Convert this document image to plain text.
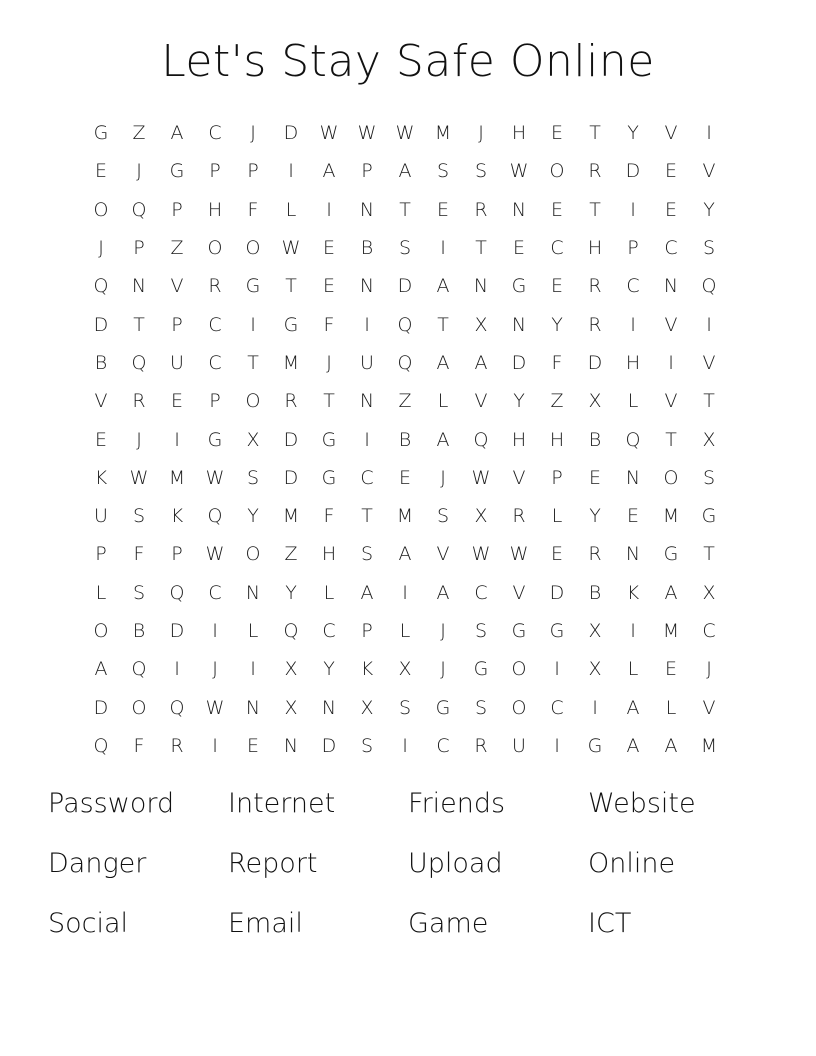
Let's Stay Safe Online
G	Z	A	C	J	D	W	W	W	M	J	H	E	T	Y	V	I
E	J	G	P	P	I	A	P	A	S	S	W	O	R	D	E	V
O	Q	P	H	F	L	I	N	T	E	R	N	E	T	I	E	Y
J	P	Z	O	O	W	E	B	S	I	T	E	C	H	P	C	S
Q	N	V	R	G	T	E	N	D	A	N	G	E	R	C	N	Q
D	T	P	C	I	G	F	I	Q	T	X	N	Y	R	I	V	I
B	Q	U	C	T	M	J	U	Q	A	A	D	F	D	H	I	V
V	R	E	P	O	R	T	N	Z	L	V	Y	Z	X	L	V	T
E	J	I	G	X	D	G	I	B	A	Q	H	H	B	Q	T	X
K	W	M	W	S	D	G	C	E	J	W	V	P	E	N	O	S
U	S	K	Q	Y	M	F	T	M	S	X	R	L	Y	E	M	G
P	F	P	W	O	Z	H	S	A	V	W	W	E	R	N	G	T
L	S	Q	C	N	Y	L	A	I	A	C	V	D	B	K	A	X
O	B	D	I	L	Q	C	P	L	J	S	G	G	X	I	M	C
A	Q	I	J	I	X	Y	K	X	J	G	O	I	X	L	E	J
D	O	Q	W	N	X	N	X	S	G	S	O	C	I	A	L	V
Q	F	R	I	E	N	D	S	I	C	R	U	I	G	A	A	M
Password	Internet	Friends	Website
Danger	Report	Upload	Online
Social	Email	Game	ICT
